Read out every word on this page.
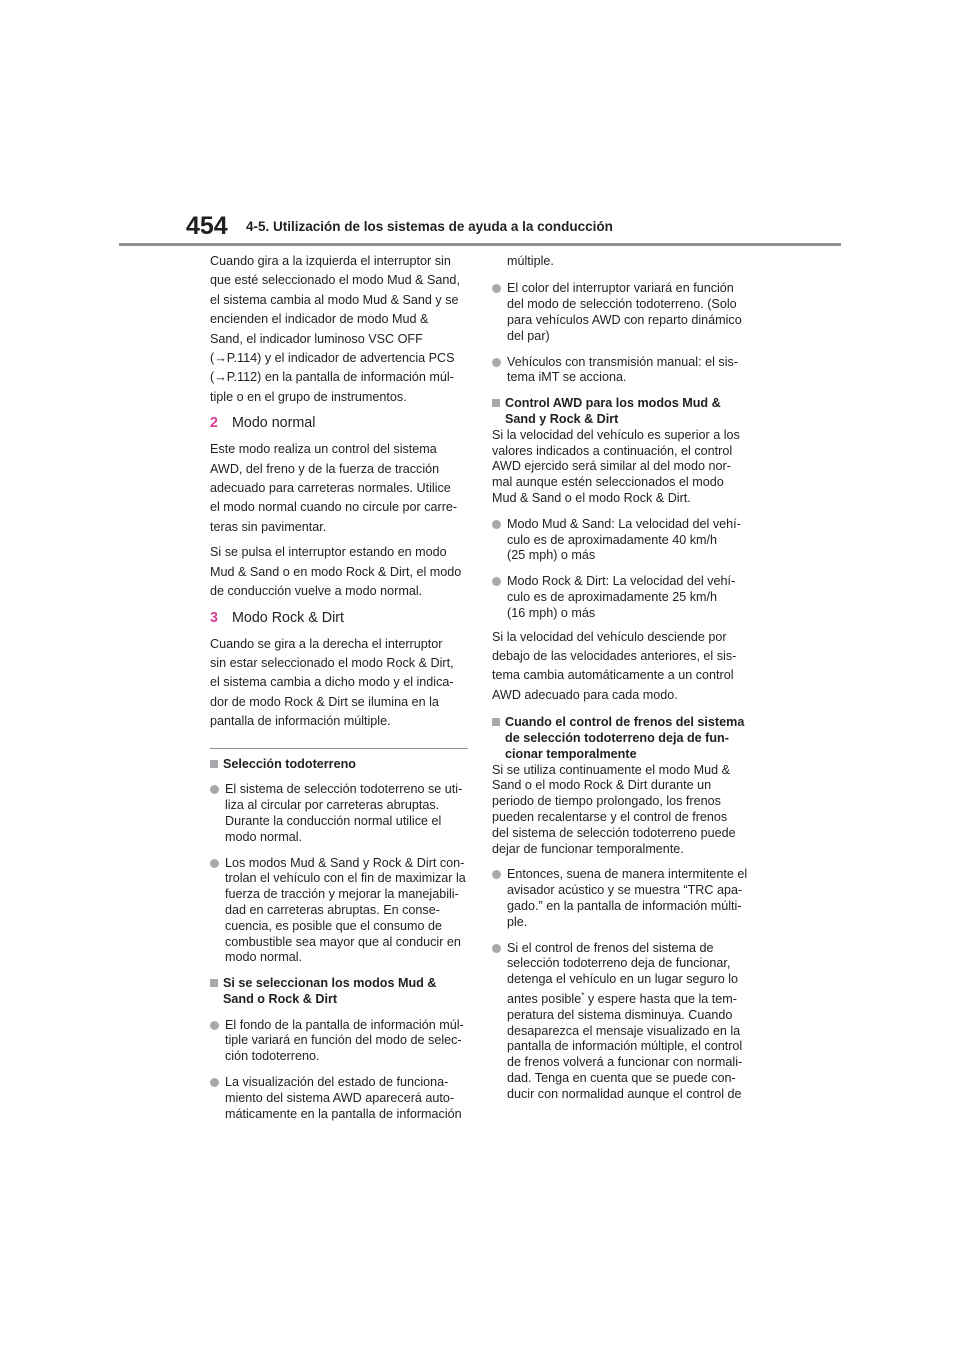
454 4-5. Utilización de los sistemas de ayuda a la conducción
Cuando gira a la izquierda el interruptor sin
que esté seleccionado el modo Mud & Sand,
el sistema cambia al modo Mud & Sand y se
encienden el indicador de modo Mud &
Sand, el indicador luminoso VSC OFF
(→P.114) y el indicador de advertencia PCS
(→P.112) en la pantalla de información múl-
tiple o en el grupo de instrumentos.
2 Modo normal
Este modo realiza un control del sistema
AWD, del freno y de la fuerza de tracción
adecuado para carreteras normales. Utilice
el modo normal cuando no circule por carre-
teras sin pavimentar.
Si se pulsa el interruptor estando en modo
Mud & Sand o en modo Rock & Dirt, el modo
de conducción vuelve a modo normal.
3 Modo Rock & Dirt
Cuando se gira a la derecha el interruptor
sin estar seleccionado el modo Rock & Dirt,
el sistema cambia a dicho modo y el indica-
dor de modo Rock & Dirt se ilumina en la
pantalla de información múltiple.
Selección todoterreno
El sistema de selección todoterreno se uti-
liza al circular por carreteras abruptas.
Durante la conducción normal utilice el
modo normal.
Los modos Mud & Sand y Rock & Dirt con-
trolan el vehículo con el fin de maximizar la
fuerza de tracción y mejorar la manejabili-
dad en carreteras abruptas. En conse-
cuencia, es posible que el consumo de
combustible sea mayor que al conducir en
modo normal.
Si se seleccionan los modos Mud &
Sand o Rock & Dirt
El fondo de la pantalla de información múl-
tiple variará en función del modo de selec-
ción todoterreno.
La visualización del estado de funciona-
miento del sistema AWD aparecerá auto-
máticamente en la pantalla de información
múltiple.
El color del interruptor variará en función
del modo de selección todoterreno. (Solo
para vehículos AWD con reparto dinámico
del par)
Vehículos con transmisión manual: el sis-
tema iMT se acciona.
Control AWD para los modos Mud &
Sand y Rock & Dirt
Si la velocidad del vehículo es superior a los
valores indicados a continuación, el control
AWD ejercido será similar al del modo nor-
mal aunque estén seleccionados el modo
Mud & Sand o el modo Rock & Dirt.
Modo Mud & Sand: La velocidad del vehí-
culo es de aproximadamente 40 km/h
(25 mph) o más
Modo Rock & Dirt: La velocidad del vehí-
culo es de aproximadamente 25 km/h
(16 mph) o más
Si la velocidad del vehículo desciende por
debajo de las velocidades anteriores, el sis-
tema cambia automáticamente a un control
AWD adecuado para cada modo.
Cuando el control de frenos del sistema
de selección todoterreno deja de fun-
cionar temporalmente
Si se utiliza continuamente el modo Mud &
Sand o el modo Rock & Dirt durante un
periodo de tiempo prolongado, los frenos
pueden recalentarse y el control de frenos
del sistema de selección todoterreno puede
dejar de funcionar temporalmente.
Entonces, suena de manera intermitente el
avisador acústico y se muestra “TRC apa-
gado.” en la pantalla de información múlti-
ple.
Si el control de frenos del sistema de
selección todoterreno deja de funcionar,
detenga el vehículo en un lugar seguro lo
antes posible* y espere hasta que la tem-
peratura del sistema disminuya. Cuando
desaparezca el mensaje visualizado en la
pantalla de información múltiple, el control
de frenos volverá a funcionar con normali-
dad. Tenga en cuenta que se puede con-
ducir con normalidad aunque el control de
